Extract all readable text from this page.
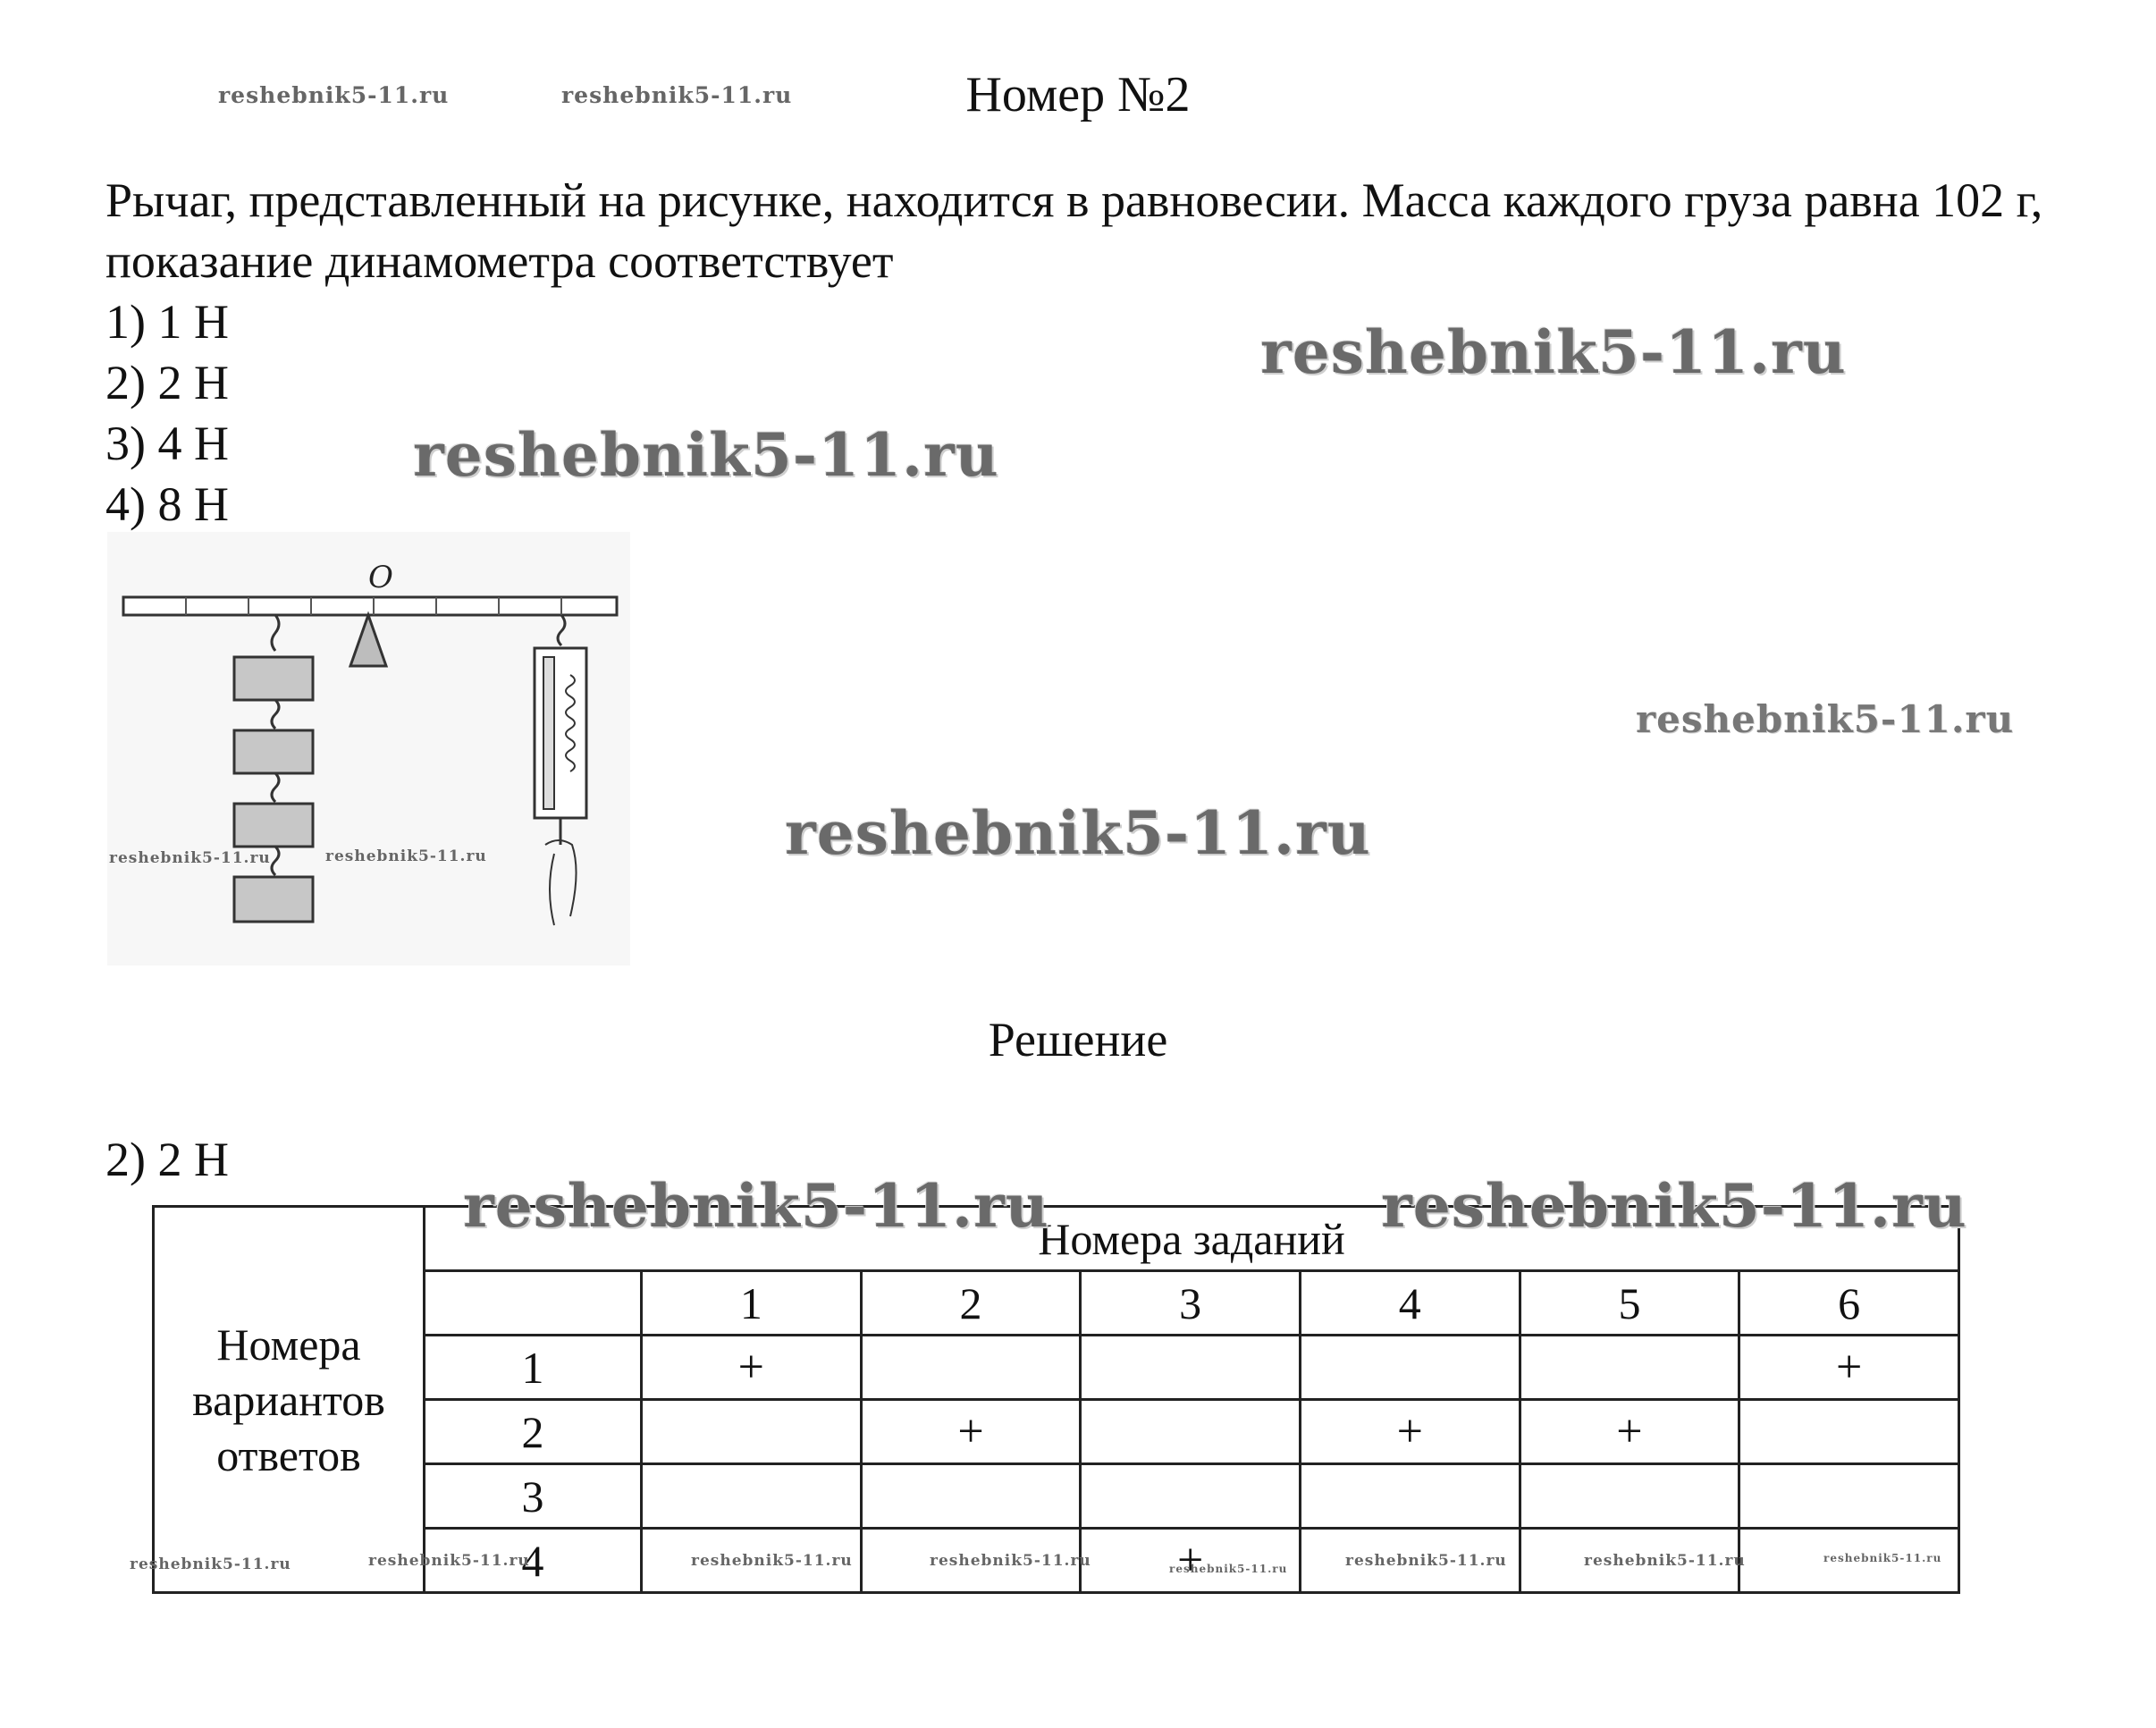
Номер №2

Рычаг, представленный на рисунке, находится в равновесии. Масса каждого груза равна 102 г, показание динамометра соответствует

1) 1 Н
2) 2 Н
3) 4 Н
4) 8 Н
O
Решение
2) 2 Н
Номера вариантов ответов	Номера заданий						
		1	2	3	4	5	6
	1	+					+
	2		+		+	+	
	3						
	4			+			
reshebnik5-11.ru	reshebnik5-11.ru
reshebnik5-11.ru
reshebnik5-11.ru
reshebnik5-11.ru
reshebnik5-11.ru
reshebnik5-11.ru	reshebnik5-11.ru
reshebnik5-11.ru	reshebnik5-11.ru
reshebnik5-11.ru	reshebnik5-11.ru	reshebnik5-11.ru	reshebnik5-11.ru	reshebnik5-11.ru	reshebnik5-11.ru	reshebnik5-11.ru	reshebnik5-11.ru
